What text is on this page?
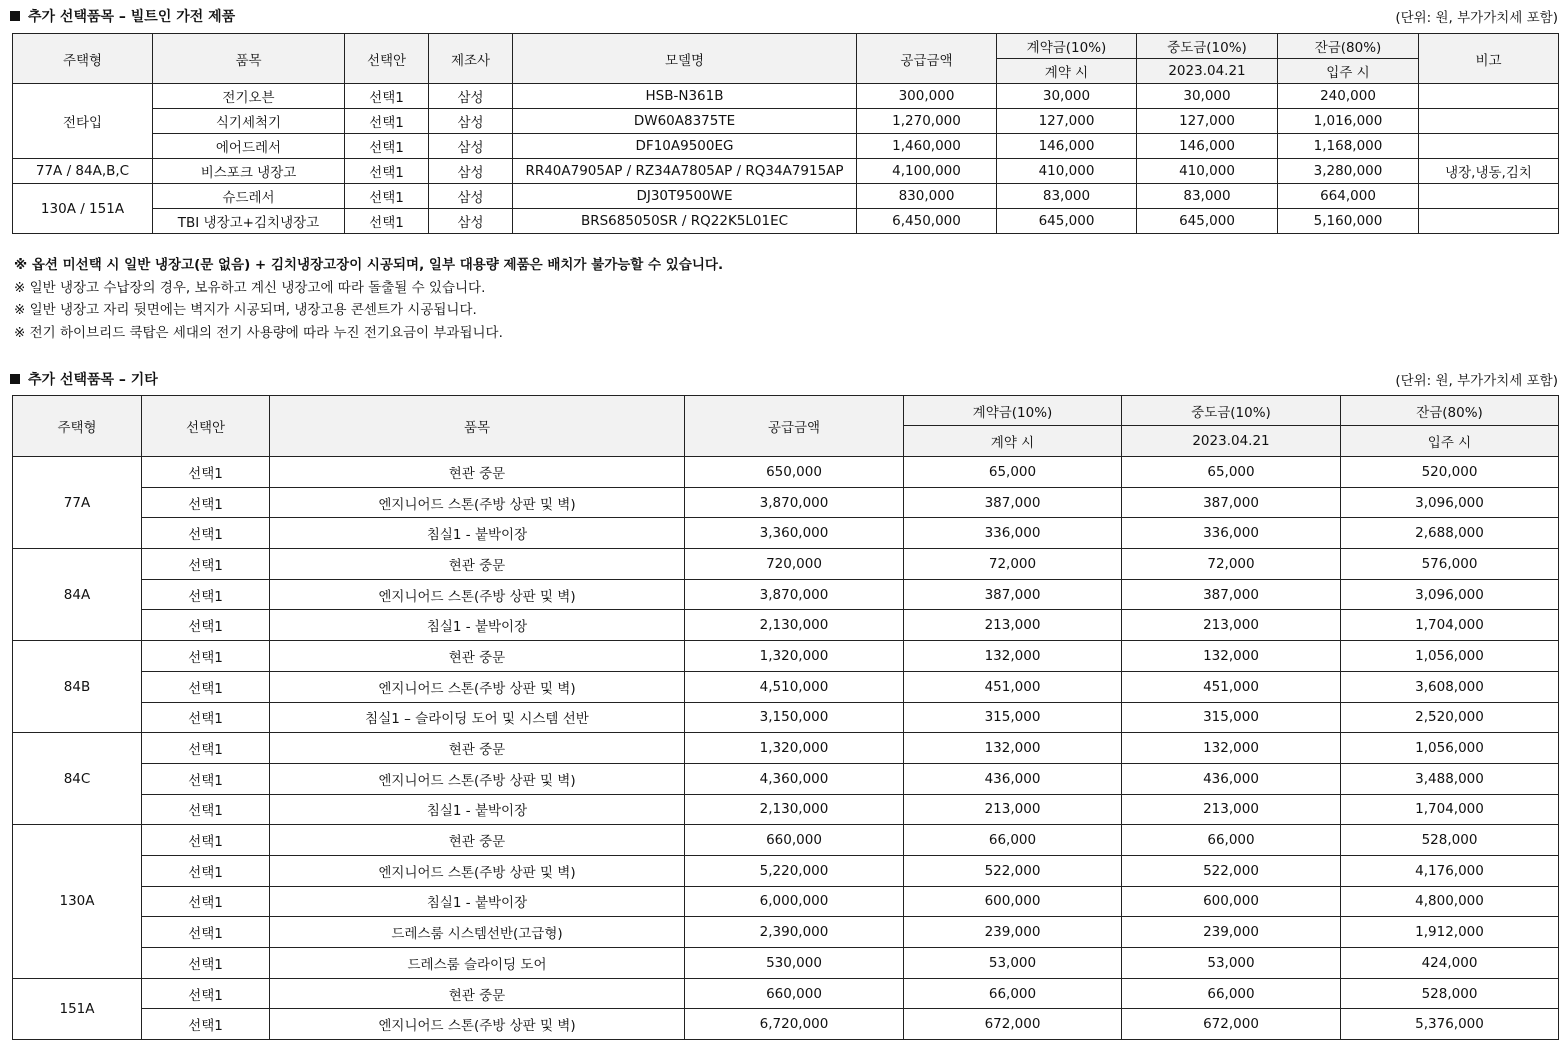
추가 선택품목 – 빌트인 가전 제품	(단위: 원, 부가가치세 포함)
주택형	품목	선택안	제조사	모델명	공급금액	계약금(10%)	중도금(10%)	잔금(80%)	비고
						계약 시	2023.04.21	입주 시	
전타입	전기오븐	선택1	삼성	HSB-N361B	300,000	30,000	30,000	240,000	
	식기세척기	선택1	삼성	DW60A8375TE	1,270,000	127,000	127,000	1,016,000	
	에어드레서	선택1	삼성	DF10A9500EG	1,460,000	146,000	146,000	1,168,000	
77A / 84A,B,C	비스포크 냉장고	선택1	삼성	RR40A7905AP / RZ34A7805AP / RQ34A7915AP	4,100,000	410,000	410,000	3,280,000	냉장,냉동,김치
130A / 151A	슈드레서	선택1	삼성	DJ30T9500WE	830,000	83,000	83,000	664,000	
	TBI 냉장고+김치냉장고	선택1	삼성	BRS685050SR / RQ22K5L01EC	6,450,000	645,000	645,000	5,160,000	
※ 옵션 미선택 시 일반 냉장고(문 없음) + 김치냉장고장이 시공되며, 일부 대용량 제품은 배치가 불가능할 수 있습니다.
※ 일반 냉장고 수납장의 경우, 보유하고 계신 냉장고에 따라 돌출될 수 있습니다.
※ 일반 냉장고 자리 뒷면에는 벽지가 시공되며, 냉장고용 콘센트가 시공됩니다.
※ 전기 하이브리드 쿡탑은 세대의 전기 사용량에 따라 누진 전기요금이 부과됩니다.
추가 선택품목 – 기타	(단위: 원, 부가가치세 포함)
주택형	선택안	품목	공급금액	계약금(10%)	중도금(10%)	잔금(80%)
				계약 시	2023.04.21	입주 시
77A	선택1	현관 중문	650,000	65,000	65,000	520,000
	선택1	엔지니어드 스톤(주방 상판 및 벽)	3,870,000	387,000	387,000	3,096,000
	선택1	침실1 - 붙박이장	3,360,000	336,000	336,000	2,688,000
84A	선택1	현관 중문	720,000	72,000	72,000	576,000
	선택1	엔지니어드 스톤(주방 상판 및 벽)	3,870,000	387,000	387,000	3,096,000
	선택1	침실1 - 붙박이장	2,130,000	213,000	213,000	1,704,000
84B	선택1	현관 중문	1,320,000	132,000	132,000	1,056,000
	선택1	엔지니어드 스톤(주방 상판 및 벽)	4,510,000	451,000	451,000	3,608,000
	선택1	침실1 – 슬라이딩 도어 및 시스템 선반	3,150,000	315,000	315,000	2,520,000
84C	선택1	현관 중문	1,320,000	132,000	132,000	1,056,000
	선택1	엔지니어드 스톤(주방 상판 및 벽)	4,360,000	436,000	436,000	3,488,000
	선택1	침실1 - 붙박이장	2,130,000	213,000	213,000	1,704,000
130A	선택1	현관 중문	660,000	66,000	66,000	528,000
	선택1	엔지니어드 스톤(주방 상판 및 벽)	5,220,000	522,000	522,000	4,176,000
	선택1	침실1 - 붙박이장	6,000,000	600,000	600,000	4,800,000
	선택1	드레스룸 시스템선반(고급형)	2,390,000	239,000	239,000	1,912,000
	선택1	드레스룸 슬라이딩 도어	530,000	53,000	53,000	424,000
151A	선택1	현관 중문	660,000	66,000	66,000	528,000
	선택1	엔지니어드 스톤(주방 상판 및 벽)	6,720,000	672,000	672,000	5,376,000
